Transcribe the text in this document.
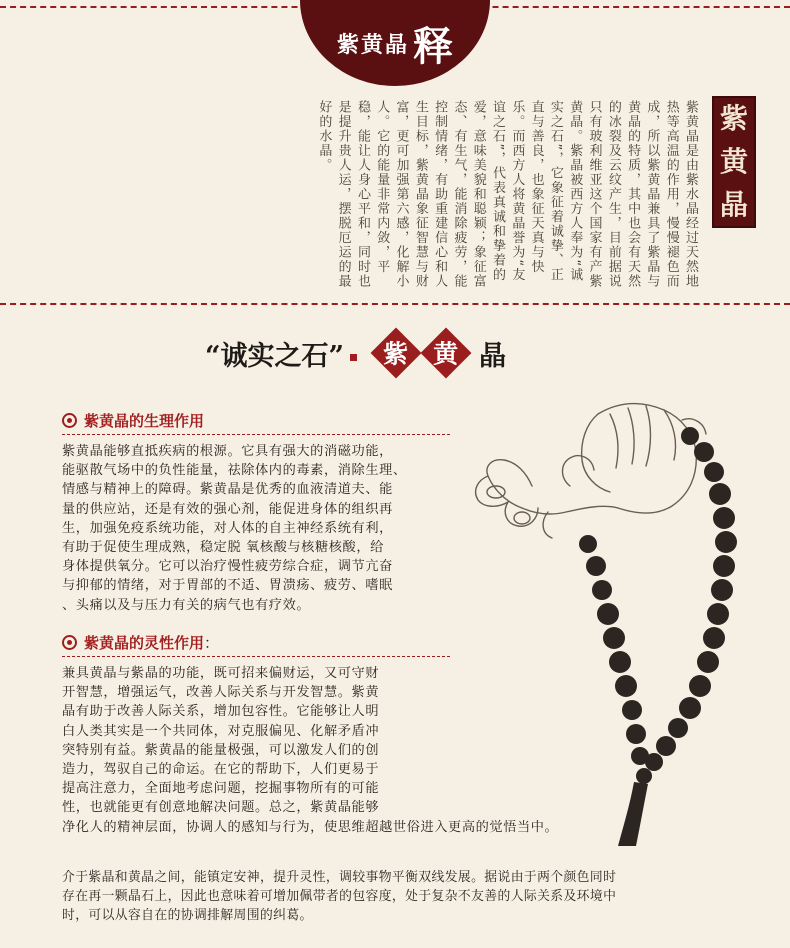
紫黄晶 释
紫
黄
晶
紫黄晶是由紫水晶经过天然地热等高温的作用，慢慢褪色而成，所以紫黄晶兼具了紫晶与黄晶的特质，其中也会有天然的冰裂及云纹产生，目前据说只有玻利维亚这个国家有产紫黄晶。紫晶被西方人奉为“诚实之石”，它象征着诚挚、正直与善良，也象征天真与快乐。而西方人将黄晶誉为“友谊之石”，代表真诚和挚着的爱，意味美貌和聪颖；象征富态、有生气，能消除疲劳，能控制情绪，有助重建信心和人生目标，紫黄晶象征智慧与财富，更可加强第六感，化解小人。它的能量非常内敛，平稳，能让人身心平和，同时也是提升贵人运，摆脱厄运的最好的水晶。
“诚实之石” 紫 黄 晶
紫黄晶的生理作用
紫黄晶能够直抵疾病的根源。它具有强大的消磁功能，
能驱散气场中的负性能量，祛除体内的毒素，消除生理、
情感与精神上的障碍。紫黄晶是优秀的血液清道夫、能
量的供应站，还是有效的强心剂，能促进身体的组织再
生，加强免疫系统功能，对人体的自主神经系统有利，
有助于促使生理成熟，稳定脱 氧核酸与核糖核酸，给
身体提供氧分。它可以治疗慢性疲劳综合症，调节亢奋
与抑郁的情绪，对于胃部的不适、胃溃疡、疲劳、嗜眠
、头痛以及与压力有关的病气也有疗效。
紫黄晶的灵性作用 ：
兼具黄晶与紫晶的功能，既可招来偏财运，又可守财
开智慧，增强运气，改善人际关系与开发智慧。紫黄
晶有助于改善人际关系，增加包容性。它能够让人明
白人类其实是一个共同体，对克服偏见、化解矛盾冲
突特别有益。紫黄晶的能量极强，可以激发人们的创
造力，驾驭自己的命运。在它的帮助下，人们更易于
提高注意力，全面地考虑问题，挖掘事物所有的可能
性，也就能更有创意地解决问题。总之，紫黄晶能够
净化人的精神层面，协调人的感知与行为，使思维超越世俗进入更高的觉悟当中。
介于紫晶和黄晶之间，能镇定安神，提升灵性，调较事物平衡双线发展。据说由于两个颜色同时
存在再一颗晶石上，因此也意味着可增加佩带者的包容度，处于复杂不友善的人际关系及环境中
时，可以从容自在的协调排解周围的纠葛。
